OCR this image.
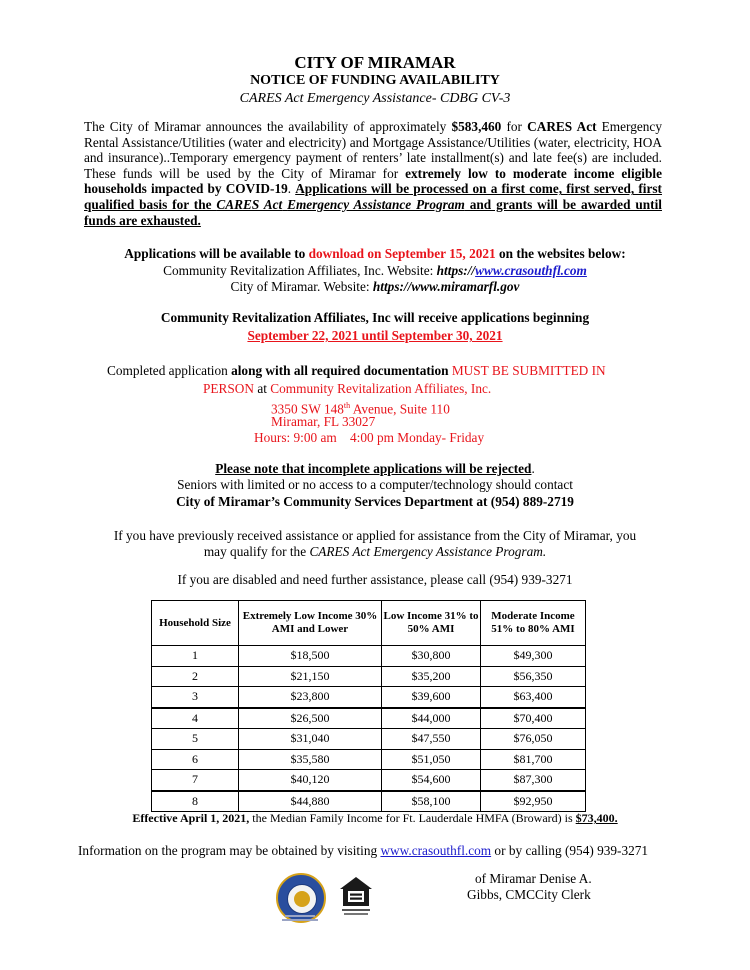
CITY OF MIRAMAR
NOTICE OF FUNDING AVAILABILITY
CARES Act Emergency Assistance- CDBG CV-3
The City of Miramar announces the availability of approximately $583,460 for CARES Act Emergency Rental Assistance/Utilities (water and electricity) and Mortgage Assistance/Utilities (water, electricity, HOA and insurance)..Temporary emergency payment of renters’ late installment(s) and late fee(s) are included. These funds will be used by the City of Miramar for extremely low to moderate income eligible households impacted by COVID-19. Applications will be processed on a first come, first served, first qualified basis for the CARES Act Emergency Assistance Program and grants will be awarded until funds are exhausted.
Applications will be available to download on September 15, 2021 on the websites below:
Community Revitalization Affiliates, Inc. Website: https://www.crasouthfl.com
City of Miramar. Website: https://www.miramarfl.gov
Community Revitalization Affiliates, Inc will receive applications beginning
September 22, 2021 until September 30, 2021
Completed application along with all required documentation MUST BE SUBMITTED IN
PERSON at Community Revitalization Affiliates, Inc.
3350 SW 148th Avenue, Suite 110
Miramar, FL 33027
Hours: 9:00 am    4:00 pm Monday- Friday
Please note that incomplete applications will be rejected.
Seniors with limited or no access to a computer/technology should contact
City of Miramar’s Community Services Department at (954) 889-2719
If you have previously received assistance or applied for assistance from the City of Miramar, you
may qualify for the CARES Act Emergency Assistance Program.
If you are disabled and need further assistance, please call (954) 939-3271
Household Size	Extremely Low Income 30% AMI and Lower	Low Income 31% to 50% AMI	Moderate Income 51% to 80% AMI
1	$18,500	$30,800	$49,300
2	$21,150	$35,200	$56,350
3	$23,800	$39,600	$63,400
4	$26,500	$44,000	$70,400
5	$31,040	$47,550	$76,050
6	$35,580	$51,050	$81,700
7	$40,120	$54,600	$87,300
8	$44,880	$58,100	$92,950
Effective April 1, 2021, the Median Family Income for Ft. Lauderdale HMFA (Broward) is $73,400.
Information on the program may be obtained by visiting www.crasouthfl.com or by calling (954) 939-3271
of Miramar Denise A.
Gibbs, CMCCity Clerk
